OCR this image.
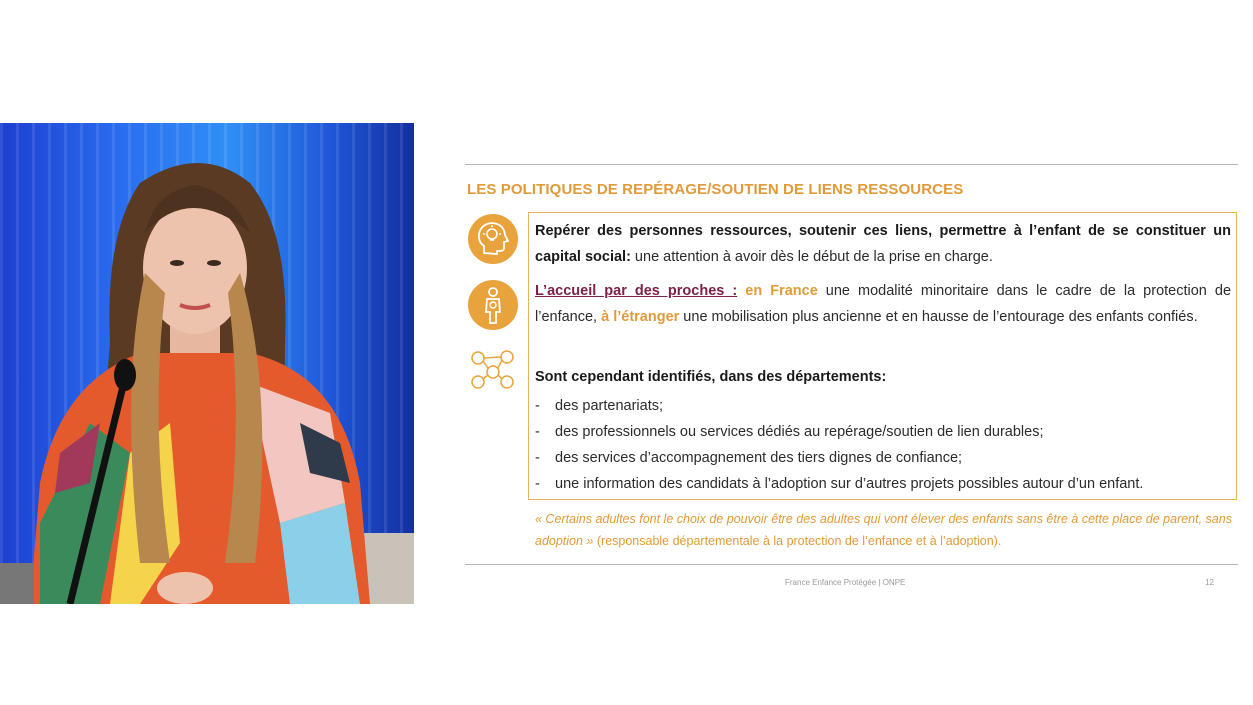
LES POLITIQUES DE REPÉRAGE/SOUTIEN DE LIENS RESSOURCES
Repérer des personnes ressources, soutenir ces liens, permettre à l’enfant de se constituer un capital social: une attention à avoir dès le début de la prise en charge.
L’accueil par des proches : en France une modalité minoritaire dans le cadre de la protection de l’enfance, à l’étranger une mobilisation plus ancienne et en hausse de l’entourage des enfants confiés.
Sont cependant identifiés, dans des départements:
- des partenariats;
- des professionnels ou services dédiés au repérage/soutien de lien durables;
- des services d’accompagnement des tiers dignes de confiance;
- une information des candidats à l’adoption sur d’autres projets possibles autour d’un enfant.
« Certains adultes font le choix de pouvoir être des adultes qui vont élever des enfants sans être à cette place de parent, sans adoption » (responsable départementale à la protection de l’enfance et à l’adoption).
France Enfance Protégée | ONPE	12
